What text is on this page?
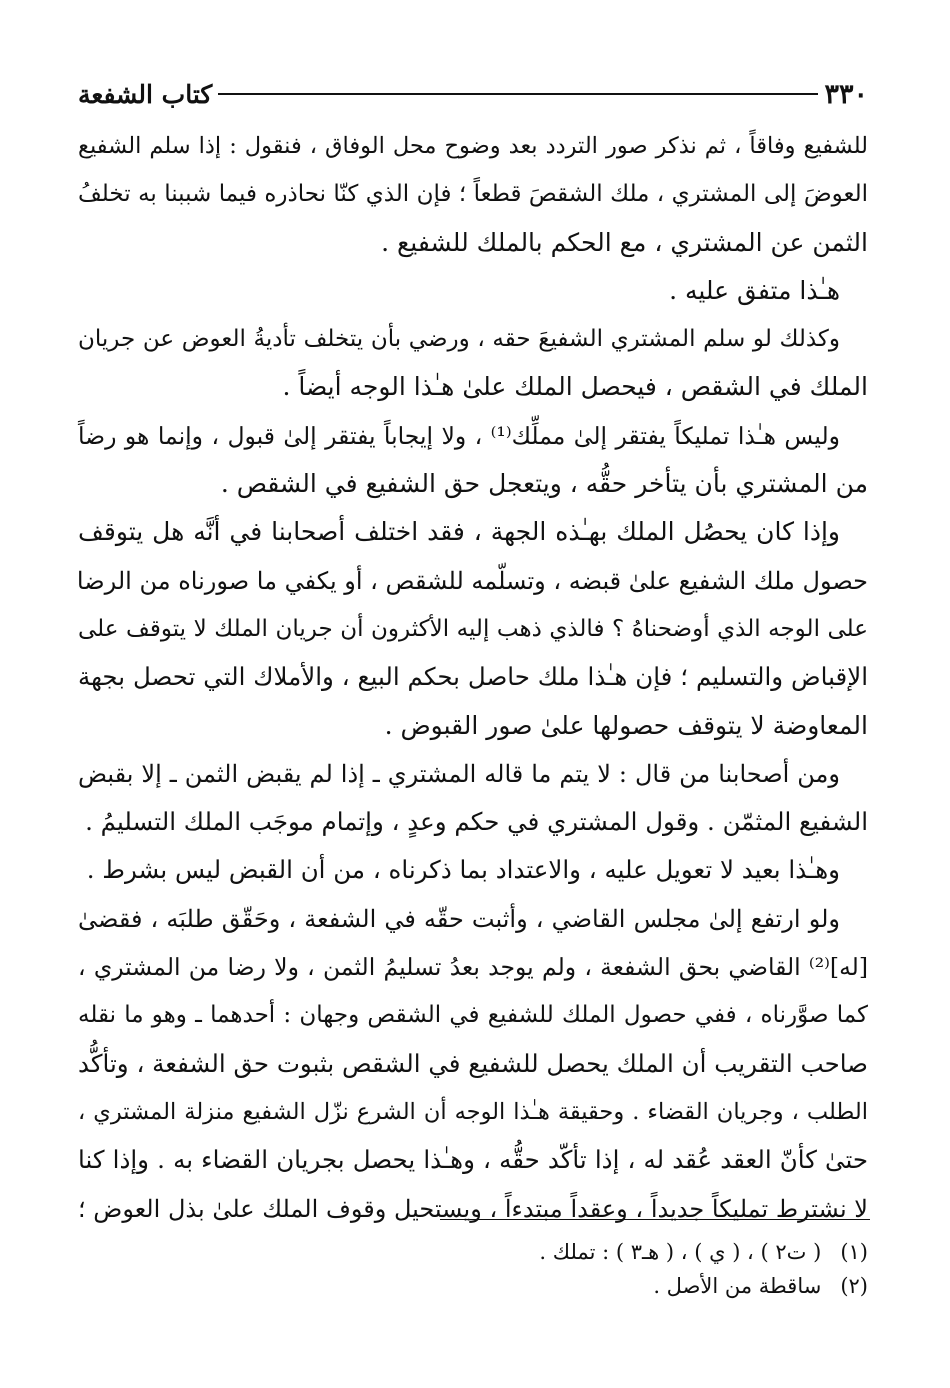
٣٣٠
كتاب الشفعة
للشفيع وفاقاً ، ثم نذكر صور التردد بعد وضوح محل الوفاق ، فنقول : إذا سلم الشفيع
العوضَ إلى المشتري ، ملك الشقصَ قطعاً ؛ فإن الذي كنّا نحاذره فيما شببنا به تخلفُ
الثمن عن المشتري ، مع الحكم بالملك للشفيع .
هـٰذا متفق عليه .
وكذلك لو سلم المشتري الشفيعَ حقه ، ورضي بأن يتخلف تأديةُ العوض عن جريان
الملك في الشقص ، فيحصل الملك علىٰ هـٰذا الوجه أيضاً .
وليس هـٰذا تمليكاً يفتقر إلىٰ مملِّك⁽¹⁾ ، ولا إيجاباً يفتقر إلىٰ قبول ، وإنما هو رضاً
من المشتري بأن يتأخر حقُّه ، ويتعجل حق الشفيع في الشقص .
وإذا كان يحصُل الملك بهـٰذه الجهة ، فقد اختلف أصحابنا في أنَّه هل يتوقف
حصول ملك الشفيع علىٰ قبضه ، وتسلّمه للشقص ، أو يكفي ما صورناه من الرضا
على الوجه الذي أوضحناهُ ؟ فالذي ذهب إليه الأكثرون أن جريان الملك لا يتوقف على
الإقباض والتسليم ؛ فإن هـٰذا ملك حاصل بحكم البيع ، والأملاك التي تحصل بجهة
المعاوضة لا يتوقف حصولها علىٰ صور القبوض .
ومن أصحابنا من قال : لا يتم ما قاله المشتري ـ إذا لم يقبض الثمن ـ إلا بقبض
الشفيع المثمّن . وقول المشتري في حكم وعدٍ ، وإتمام موجَب الملك التسليمُ .
وهـٰذا بعيد لا تعويل عليه ، والاعتداد بما ذكرناه ، من أن القبض ليس بشرط .
ولو ارتفع إلىٰ مجلس القاضي ، وأثبت حقّه في الشفعة ، وحَقّق طلبَه ، فقضىٰ
[له]⁽²⁾ القاضي بحق الشفعة ، ولم يوجد بعدُ تسليمُ الثمن ، ولا رضا من المشتري ،
كما صوَّرناه ، ففي حصول الملك للشفيع في الشقص وجهان : أحدهما ـ وهو ما نقله
صاحب التقريب أن الملك يحصل للشفيع في الشقص بثبوت حق الشفعة ، وتأكُّد
الطلب ، وجريان القضاء . وحقيقة هـٰذا الوجه أن الشرع نزّل الشفيع منزلة المشتري ،
حتىٰ كأنّ العقد عُقد له ، إذا تأكّد حقُّه ، وهـٰذا يحصل بجريان القضاء به . وإذا كنا
لا نشترط تمليكاً جديداً ، وعقداً مبتدءاً ، ويستحيل وقوف الملك علىٰ بذل العوض ؛
(١) ( ت٢ ) ، ( ي ) ، ( هـ٣ ) : تملك .
(٢) ساقطة من الأصل .
